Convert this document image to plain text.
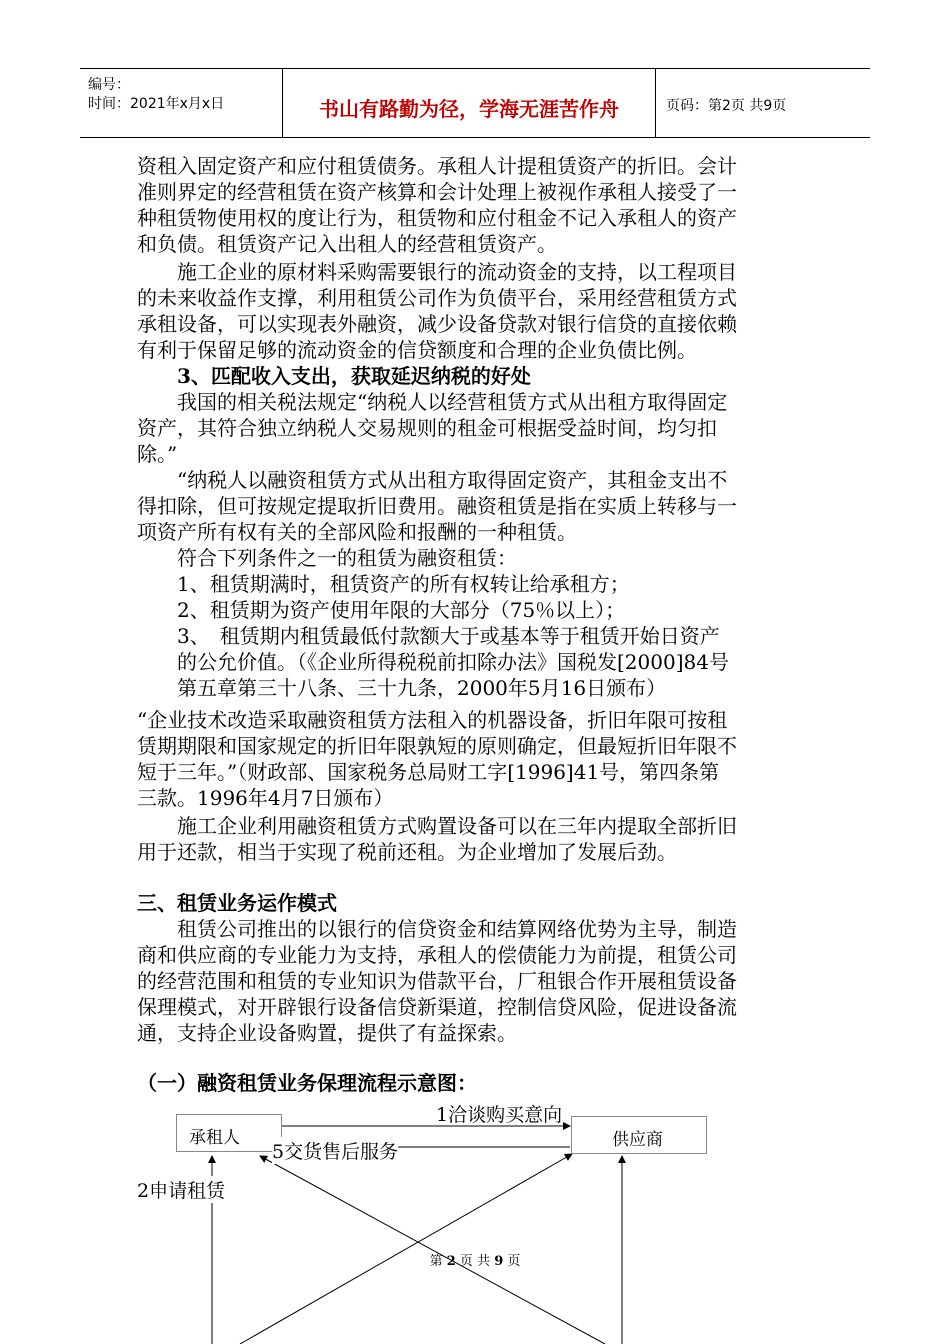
编号：
时间：2021年x月x日	书山有路勤为径，学海无涯苦作舟	页码：第2页 共9页
资租入固定资产和应付租赁债务。承租人计提租赁资产的折旧。会计
准则界定的经营租赁在资产核算和会计处理上被视作承租人接受了一
种租赁物使用权的度让行为，租赁物和应付租金不记入承租人的资产
和负债。租赁资产记入出租人的经营租赁资产。
　　施工企业的原材料采购需要银行的流动资金的支持，以工程项目
的未来收益作支撑，利用租赁公司作为负债平台，采用经营租赁方式
承租设备，可以实现表外融资，减少设备贷款对银行信贷的直接依赖
有利于保留足够的流动资金的信贷额度和合理的企业负债比例。
　　3、匹配收入支出，获取延迟纳税的好处
　　我国的相关税法规定“纳税人以经营租赁方式从出租方取得固定
资产，其符合独立纳税人交易规则的租金可根据受益时间，均匀扣
除。”
　　“纳税人以融资租赁方式从出租方取得固定资产，其租金支出不
得扣除，但可按规定提取折旧费用。融资租赁是指在实质上转移与一
项资产所有权有关的全部风险和报酬的一种租赁。
　　符合下列条件之一的租赁为融资租赁：
　　1、租赁期满时，租赁资产的所有权转让给承租方；
　　2、租赁期为资产使用年限的大部分（75％以上）；
　　3、　租赁期内租赁最低付款额大于或基本等于租赁开始日资产
　　的公允价值。（《企业所得税税前扣除办法》国税发[2000]84号
　　第五章第三十八条、三十九条，2000年5月16日颁布）
“企业技术改造采取融资租赁方法租入的机器设备，折旧年限可按租
赁期期限和国家规定的折旧年限孰短的原则确定，但最短折旧年限不
短于三年。”（财政部、国家税务总局财工字[1996]41号，第四条第
三款。1996年4月7日颁布）
　　施工企业利用融资租赁方式购置设备可以在三年内提取全部折旧
用于还款，相当于实现了税前还租。为企业增加了发展后劲。
三、租赁业务运作模式
　　租赁公司推出的以银行的信贷资金和结算网络优势为主导，制造
商和供应商的专业能力为支持，承租人的偿债能力为前提，租赁公司
的经营范围和租赁的专业知识为借款平台，厂租银合作开展租赁设备
保理模式，对开辟银行设备信贷新渠道，控制信贷风险，促进设备流
通，支持企业设备购置，提供了有益探索。
（一）融资租赁业务保理流程示意图：
承租人	供应商
1洽谈购买意向
5交货售后服务
2申请租赁
第 2 页 共 9 页
